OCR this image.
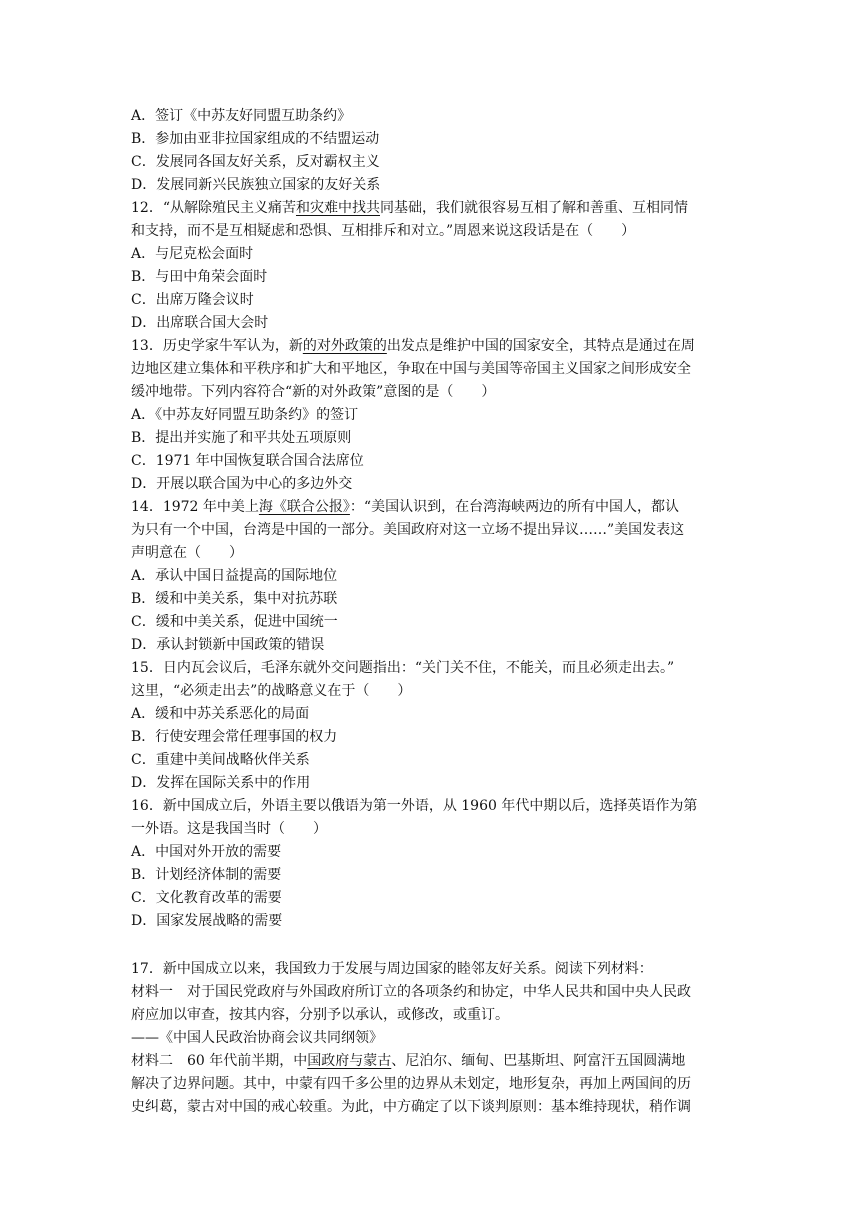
A．签订《中苏友好同盟互助条约》
B．参加由亚非拉国家组成的不结盟运动
C．发展同各国友好关系，反对霸权主义
D．发展同新兴民族独立国家的友好关系
12．“从解除殖民主义痛苦和灾难中找共同基础，我们就很容易互相了解和善重、互相同情
和支持，而不是互相疑虑和恐惧、互相排斥和对立。”周恩来说这段话是在（　　）
A．与尼克松会面时
B．与田中角荣会面时
C．出席万隆会议时
D．出席联合国大会时
13．历史学家牛军认为，新的对外政策的出发点是维护中国的国家安全，其特点是通过在周
边地区建立集体和平秩序和扩大和平地区，争取在中国与美国等帝国主义国家之间形成安全
缓冲地带。下列内容符合“新的对外政策”意图的是（　　）
A．《中苏友好同盟互助条约》的签订
B．提出并实施了和平共处五项原则
C．1971 年中国恢复联合国合法席位
D．开展以联合国为中心的多边外交
14．1972 年中美上海《联合公报》：“美国认识到，在台湾海峡两边的所有中国人，都认
为只有一个中国，台湾是中国的一部分。美国政府对这一立场不提出异议……”美国发表这
声明意在（　　）
A．承认中国日益提高的国际地位
B．缓和中美关系，集中对抗苏联
C．缓和中美关系，促进中国统一
D．承认封锁新中国政策的错误
15．日内瓦会议后，毛泽东就外交问题指出：“关门关不住，不能关，而且必须走出去。”
这里，“必须走出去”的战略意义在于（　　）
A．缓和中苏关系恶化的局面
B．行使安理会常任理事国的权力
C．重建中美间战略伙伴关系
D．发挥在国际关系中的作用
16．新中国成立后，外语主要以俄语为第一外语，从 1960 年代中期以后，选择英语作为第
一外语。这是我国当时（　　）
A．中国对外开放的需要
B．计划经济体制的需要
C．文化教育改革的需要
D．国家发展战略的需要
17．新中国成立以来，我国致力于发展与周边国家的睦邻友好关系。阅读下列材料：
材料一　对于国民党政府与外国政府所订立的各项条约和协定，中华人民共和国中央人民政
府应加以审查，按其内容，分别予以承认，或修改，或重订。
——《中国人民政治协商会议共同纲领》
材料二　60 年代前半期，中国政府与蒙古、尼泊尔、缅甸、巴基斯坦、阿富汗五国圆满地
解决了边界问题。其中，中蒙有四千多公里的边界从未划定，地形复杂，再加上两国间的历
史纠葛，蒙古对中国的戒心较重。为此，中方确定了以下谈判原则：基本维持现状，稍作调
